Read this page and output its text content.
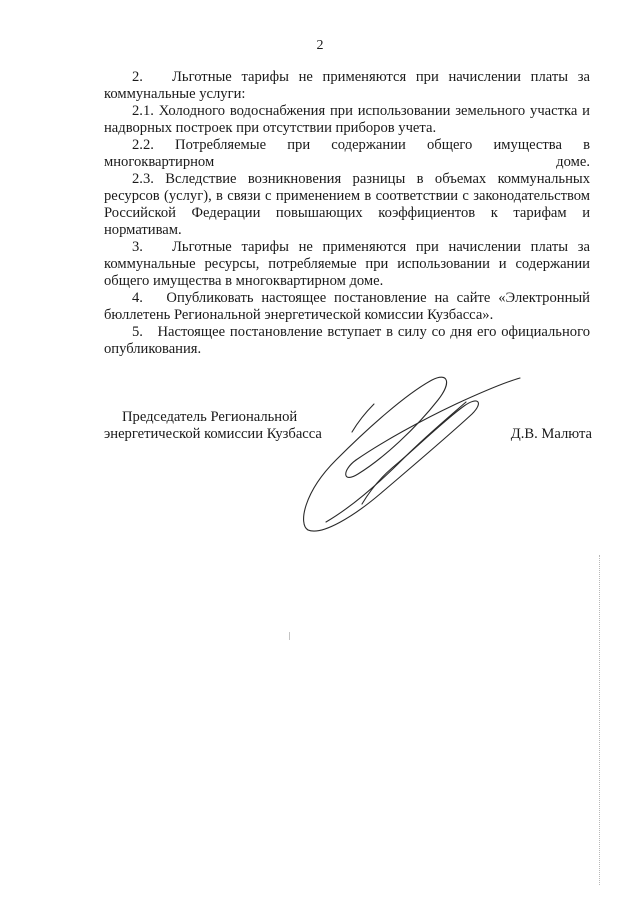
2

2.   Льготные тарифы не применяются при начислении платы за коммунальные услуги:

2.1. Холодного водоснабжения при использовании земельного участка и надворных построек при отсутствии приборов учета.

2.2. Потребляемые при содержании общего имущества в многоквартирном доме.

2.3. Вследствие возникновения разницы в объемах коммунальных ресурсов (услуг), в связи с применением в соответствии с законодательством Российской Федерации повышающих коэффициентов к тарифам и нормативам.

3.   Льготные тарифы не применяются при начислении платы за коммунальные ресурсы, потребляемые при использовании и содержании общего имущества в многоквартирном доме.

4.   Опубликовать настоящее постановление на сайте «Электронный бюллетень Региональной энергетической комиссии Кузбасса».

5.   Настоящее постановление вступает в силу со дня его официального опубликования.

Председатель Региональной
энергетической комиссии Кузбасса	Д.В. Малюта
